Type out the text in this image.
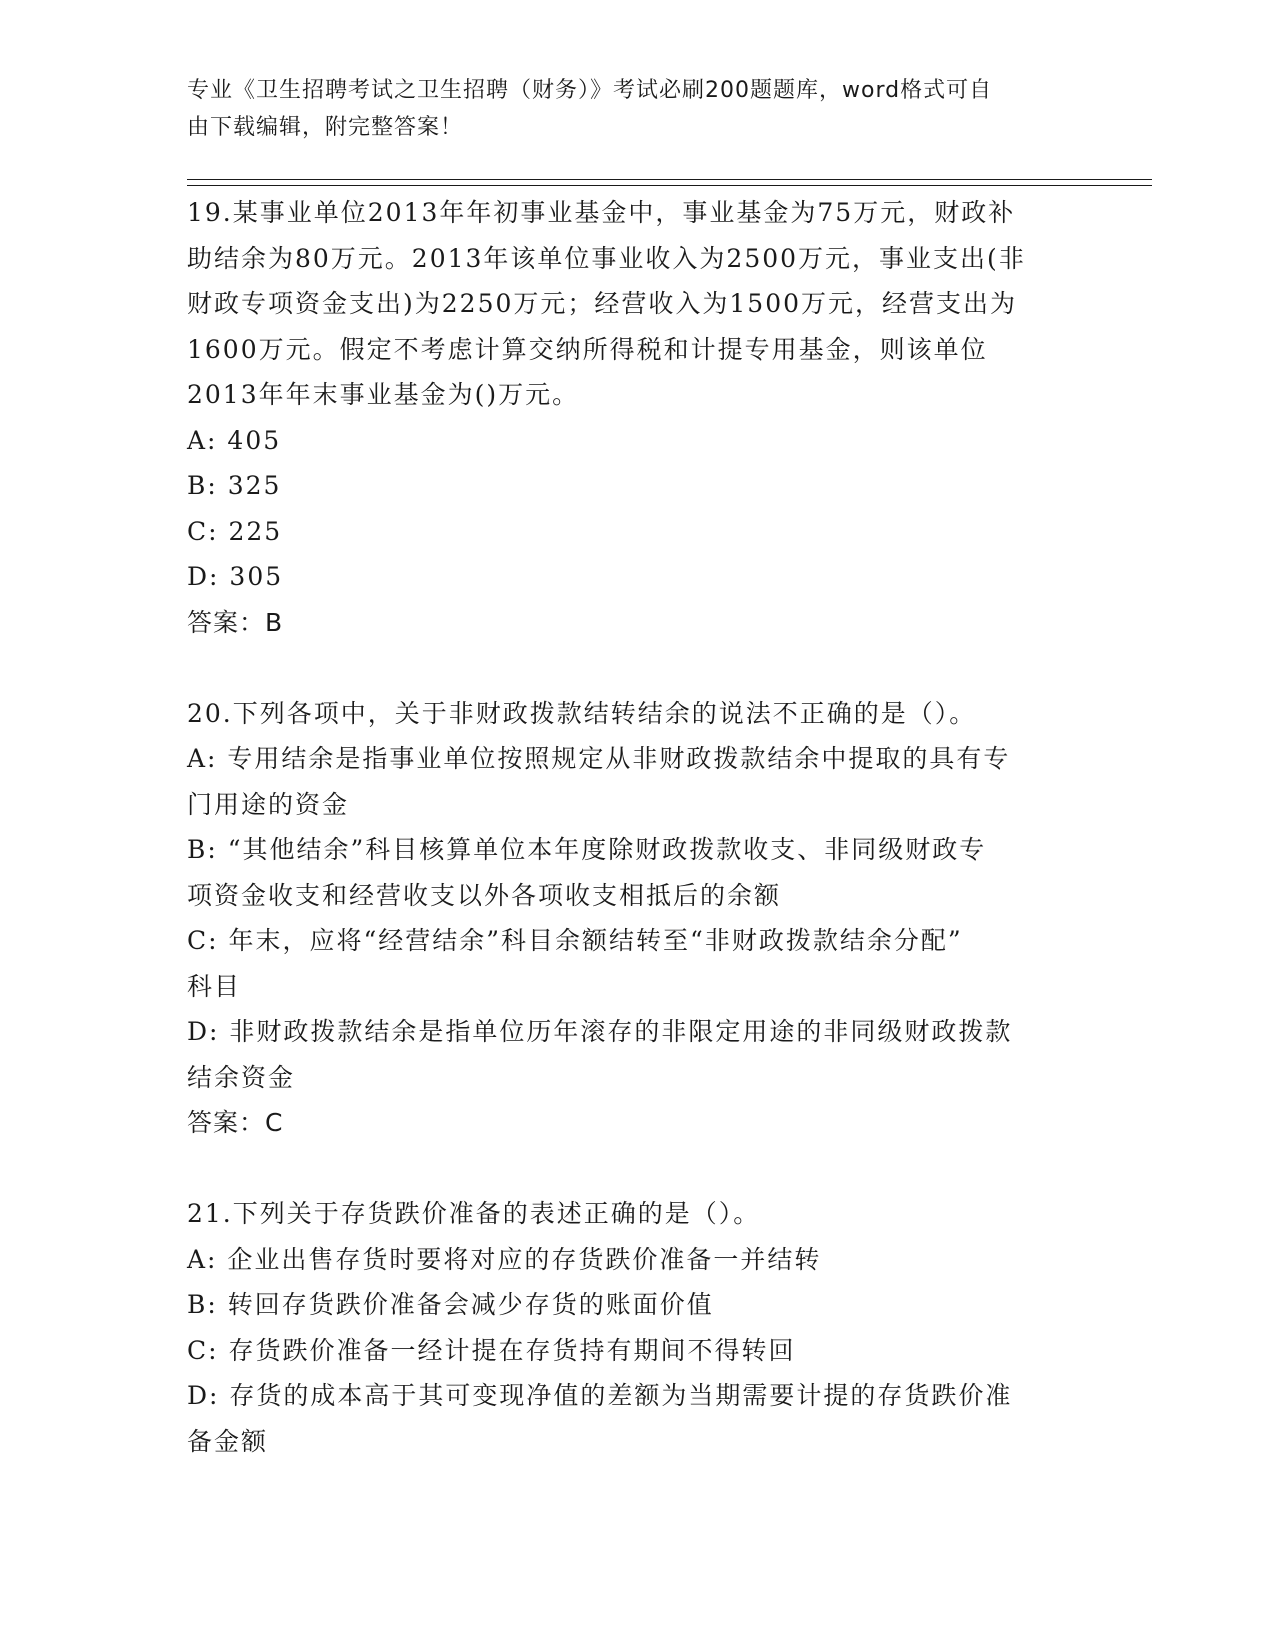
专业《卫生招聘考试之卫生招聘（财务）》考试必刷200题题库，word格式可自
由下载编辑，附完整答案！
19.某事业单位2013年年初事业基金中，事业基金为75万元，财政补
助结余为80万元。2013年该单位事业收入为2500万元，事业支出(非
财政专项资金支出)为2250万元；经营收入为1500万元，经营支出为
1600万元。假定不考虑计算交纳所得税和计提专用基金，则该单位
2013年年末事业基金为()万元。
A: 405
B: 325
C: 225
D: 305
答案：B
20.下列各项中，关于非财政拨款结转结余的说法不正确的是（）。
A: 专用结余是指事业单位按照规定从非财政拨款结余中提取的具有专
门用途的资金
B: “其他结余”科目核算单位本年度除财政拨款收支、非同级财政专
项资金收支和经营收支以外各项收支相抵后的余额
C: 年末，应将“经营结余”科目余额结转至“非财政拨款结余分配”
科目
D: 非财政拨款结余是指单位历年滚存的非限定用途的非同级财政拨款
结余资金
答案：C
21.下列关于存货跌价准备的表述正确的是（）。
A: 企业出售存货时要将对应的存货跌价准备一并结转
B: 转回存货跌价准备会减少存货的账面价值
C: 存货跌价准备一经计提在存货持有期间不得转回
D: 存货的成本高于其可变现净值的差额为当期需要计提的存货跌价准
备金额
